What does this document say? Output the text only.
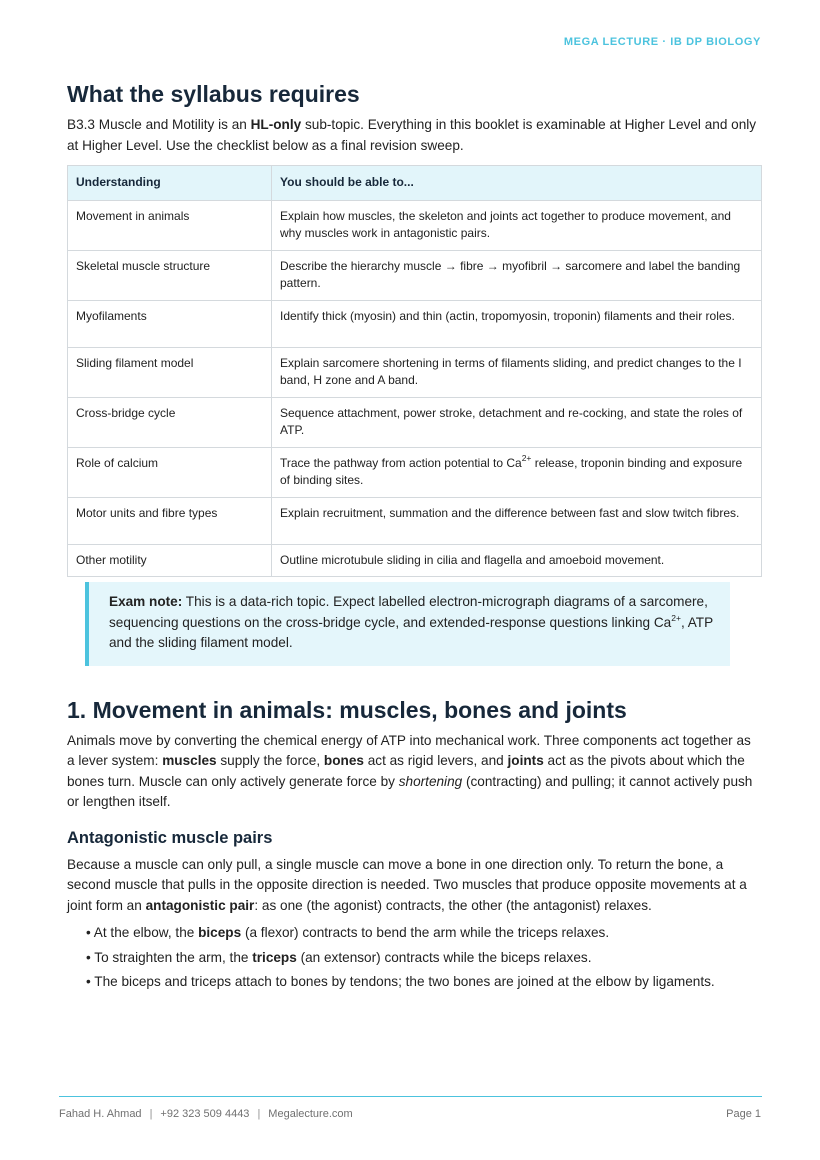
MEGA LECTURE · IB DP BIOLOGY
What the syllabus requires

B3.3 Muscle and Motility is an HL-only sub-topic. Everything in this booklet is examinable at Higher Level and only at Higher Level. Use the checklist below as a final revision sweep.

Understanding	You should be able to...
Movement in animals	Explain how muscles, the skeleton and joints act together to produce movement, and why muscles work in antagonistic pairs.
Skeletal muscle structure	Describe the hierarchy muscle → fibre → myofibril → sarcomere and label the banding pattern.
Myofilaments	Identify thick (myosin) and thin (actin, tropomyosin, troponin) filaments and their roles.
Sliding filament model	Explain sarcomere shortening in terms of filaments sliding, and predict changes to the I band, H zone and A band.
Cross-bridge cycle	Sequence attachment, power stroke, detachment and re-cocking, and state the roles of ATP.
Role of calcium	Trace the pathway from action potential to $Ca^{2+}$ release, troponin binding and exposure of binding sites.
Motor units and fibre types	Explain recruitment, summation and the difference between fast and slow twitch fibres.
Other motility	Outline microtubule sliding in cilia and flagella and amoeboid movement.
Exam note: This is a data-rich topic. Expect labelled electron-micrograph diagrams of a sarcomere, sequencing questions on the cross-bridge cycle, and extended-response questions linking $Ca^{2+}$, ATP and the sliding filament model.
1. Movement in animals: muscles, bones and joints

Animals move by converting the chemical energy of ATP into mechanical work. Three components act together as a lever system: muscles supply the force, bones act as rigid levers, and joints act as the pivots about which the bones turn. Muscle can only actively generate force by shortening (contracting) and pulling; it cannot actively push or lengthen itself.

Antagonistic muscle pairs

Because a muscle can only pull, a single muscle can move a bone in one direction only. To return the bone, a second muscle that pulls in the opposite direction is needed. Two muscles that produce opposite movements at a joint form an antagonistic pair: as one (the agonist) contracts, the other (the antagonist) relaxes.

• At the elbow, the biceps (a flexor) contracts to bend the arm while the triceps relaxes.
• To straighten the arm, the triceps (an extensor) contracts while the biceps relaxes.
• The biceps and triceps attach to bones by tendons; the two bones are joined at the elbow by ligaments.
Fahad H. Ahmad | +92 323 509 4443 | Megalecture.com	Page 1
